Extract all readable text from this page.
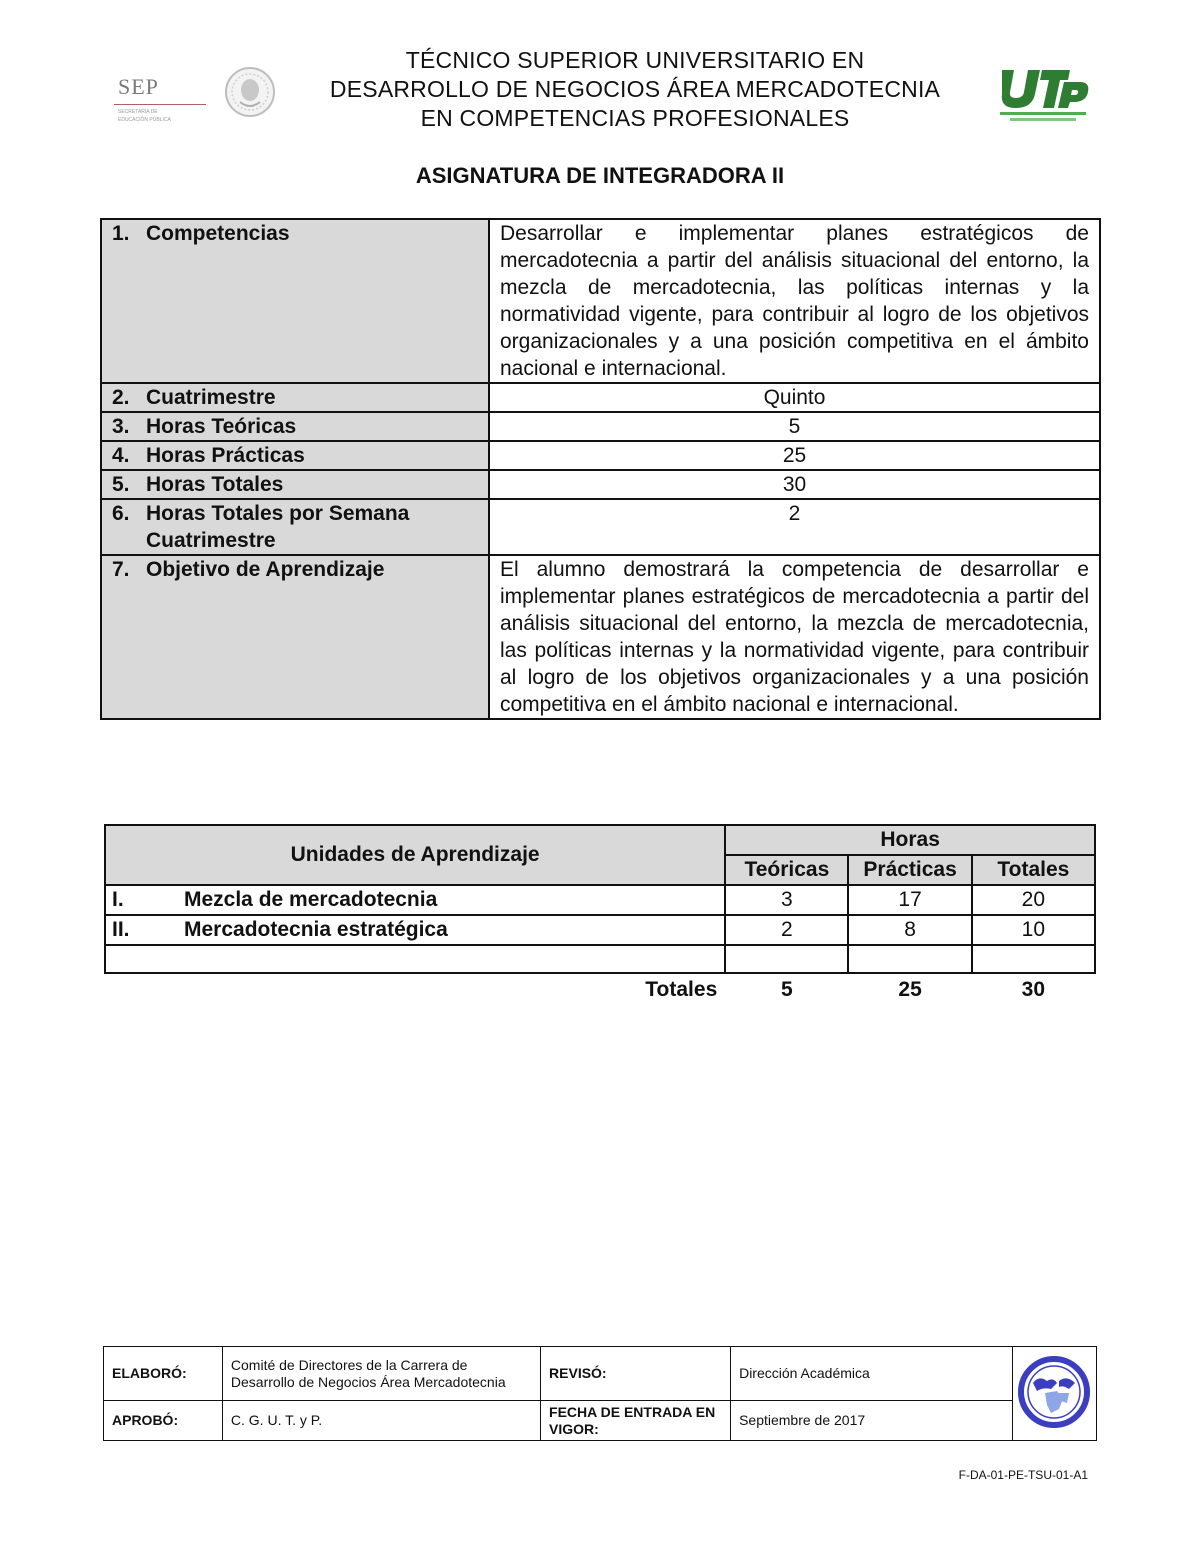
SEP
SECRETARÍA DE EDUCACIÓN PÚBLICA
TÉCNICO SUPERIOR UNIVERSITARIO EN
DESARROLLO DE NEGOCIOS ÁREA MERCADOTECNIA
EN COMPETENCIAS PROFESIONALES
ASIGNATURA DE INTEGRADORA II
1. Competencias	Desarrollar e implementar planes estratégicos de mercadotecnia a partir del análisis situacional del entorno, la mezcla de mercadotecnia, las políticas internas y la normatividad vigente, para contribuir al logro de los objetivos organizacionales y a una posición competitiva en el ámbito nacional e internacional.

2. Cuatrimestre	Quinto

3. Horas Teóricas	5

4. Horas Prácticas	25

5. Horas Totales	30

6. Horas Totales por Semana Cuatrimestre	2

7. Objetivo de Aprendizaje	El alumno demostrará la competencia de desarrollar e implementar planes estratégicos de mercadotecnia a partir del análisis situacional del entorno, la mezcla de mercadotecnia, las políticas internas y la normatividad vigente, para contribuir al logro de los objetivos organizacionales y a una posición competitiva en el ámbito nacional e internacional.
Unidades de Aprendizaje	Horas		
	Teóricas	Prácticas	Totales
I. Mezcla de mercadotecnia	3	17	20
II. Mercadotecnia estratégica	2	8	10

Totales	5	25	30
ELABORÓ:	Comité de Directores de la Carrera de Desarrollo de Negocios Área Mercadotecnia	REVISÓ:	Dirección Académica	
APROBÓ:	C. G. U. T. y P.	FECHA DE ENTRADA EN VIGOR:	Septiembre de 2017	
F-DA-01-PE-TSU-01-A1
